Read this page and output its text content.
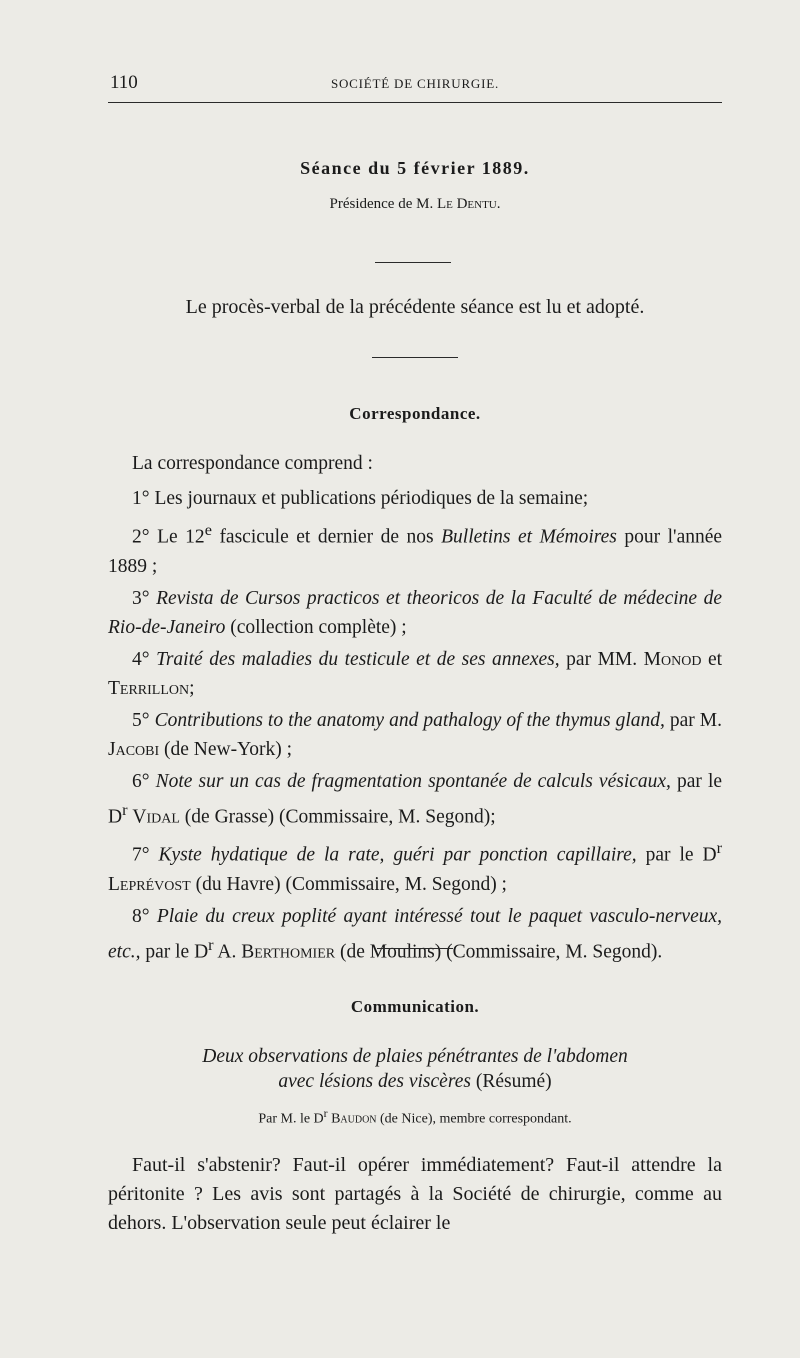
110	SOCIÉTÉ DE CHIRURGIE.
Séance du 5 février 1889.
Présidence de M. Le Dentu.
Le procès-verbal de la précédente séance est lu et adopté.
Correspondance.

La correspondance comprend :

1° Les journaux et publications périodiques de la semaine;

2° Le 12e fascicule et dernier de nos Bulletins et Mémoires pour l'année 1889 ;

3° Revista de Cursos practicos et theoricos de la Faculté de médecine de Rio-de-Janeiro (collection complète) ;

4° Traité des maladies du testicule et de ses annexes, par MM. Monod et Terrillon;

5° Contributions to the anatomy and pathalogy of the thymus gland, par M. Jacobi (de New-York) ;

6° Note sur un cas de fragmentation spontanée de calculs vésicaux, par le $D^r$ Vidal (de Grasse) (Commissaire, M. Segond);

7° Kyste hydatique de la rate, guéri par ponction capillaire, par le $D^r$ Leprévost (du Havre) (Commissaire, M. Segond) ;

8° Plaie du creux poplité ayant intéressé tout le paquet vasculo-nerveux, etc., par le $D^r$ A. Berthomier (de Moulins) (Commissaire, M. Segond).

Communication.
Deux observations de plaies pénétrantes de l'abdomen
avec lésions des viscères (Résumé)
Par M. le $D^r$ Baudon (de Nice), membre correspondant.

Faut-il s'abstenir? Faut-il opérer immédiatement? Faut-il attendre la péritonite ? Les avis sont partagés à la Société de chirurgie, comme au dehors. L'observation seule peut éclairer le
